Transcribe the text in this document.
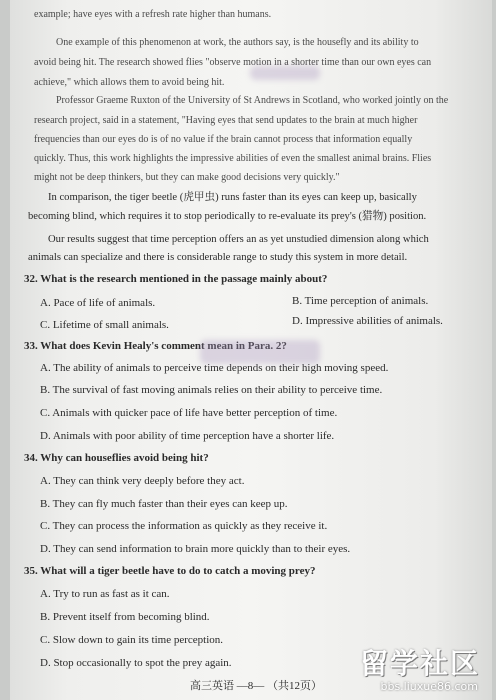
example; have eyes with a refresh rate higher than humans.
One example of this phenomenon at work, the authors say, is the housefly and its ability to
avoid being hit. The research showed flies "observe motion in a shorter time than our own eyes can
achieve," which allows them to avoid being hit.
Professor Graeme Ruxton of the University of St Andrews in Scotland, who worked jointly on the
research project, said in a statement, "Having eyes that send updates to the brain at much higher
frequencies than our eyes do is of no value if the brain cannot process that information equally
quickly. Thus, this work highlights the impressive abilities of even the smallest animal brains. Flies
might not be deep thinkers, but they can make good decisions very quickly."
In comparison, the tiger beetle (虎甲虫) runs faster than its eyes can keep up, basically
becoming blind, which requires it to stop periodically to re-evaluate its prey's (猎物) position.
Our results suggest that time perception offers an as yet unstudied dimension along which
animals can specialize and there is considerable range to study this system in more detail.
32. What is the research mentioned in the passage mainly about?
A. Pace of life of animals.	B. Time perception of animals.
C. Lifetime of small animals.	D. Impressive abilities of animals.
33. What does Kevin Healy's comment mean in Para. 2?
A. The ability of animals to perceive time depends on their high moving speed.
B. The survival of fast moving animals relies on their ability to perceive time.
C. Animals with quicker pace of life have better perception of time.
D. Animals with poor ability of time perception have a shorter life.
34. Why can houseflies avoid being hit?
A. They can think very deeply before they act.
B. They can fly much faster than their eyes can keep up.
C. They can process the information as quickly as they receive it.
D. They can send information to brain more quickly than to their eyes.
35. What will a tiger beetle have to do to catch a moving prey?
A. Try to run as fast as it can.
B. Prevent itself from becoming blind.
C. Slow down to gain its time perception.
D. Stop occasionally to spot the prey again.
高三英语 —8— （共12页）
留学社区
bbs.liuxue86.com
